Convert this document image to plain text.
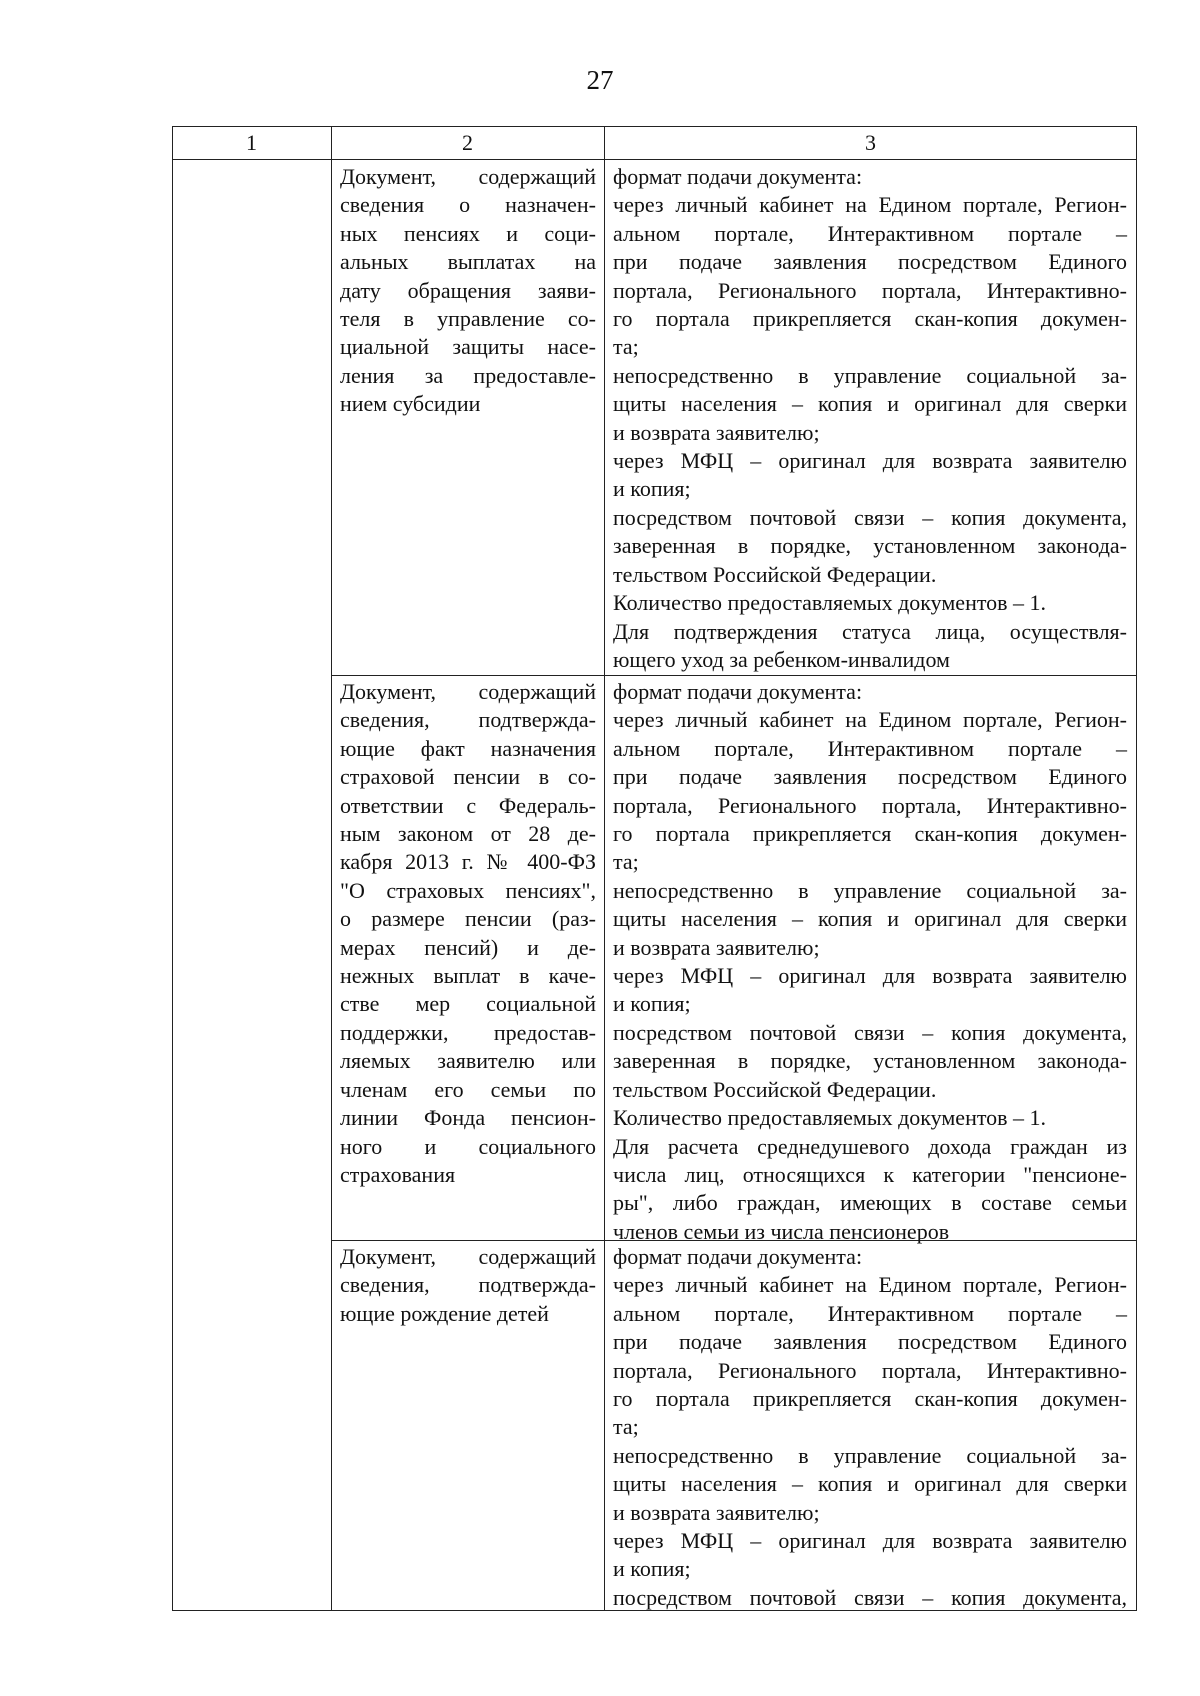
27
1	2	3
Документ, содержащий
сведения о назначен-
ных пенсиях и соци-
альных выплатах на
дату обращения заяви-
теля в управление со-
циальной защиты насе-
ления за предоставле-
нием субсидии
формат подачи документа:
через личный кабинет на Едином портале, Регион-
альном портале, Интерактивном портале –
при подаче заявления посредством Единого
портала, Регионального портала, Интерактивно-
го портала прикрепляется скан-копия докумен-
та;
непосредственно в управление социальной за-
щиты населения – копия и оригинал для сверки
и возврата заявителю;
через МФЦ – оригинал для возврата заявителю
и копия;
посредством почтовой связи – копия документа,
заверенная в порядке, установленном законода-
тельством Российской Федерации.
Количество предоставляемых документов – 1.
Для подтверждения статуса лица, осуществля-
ющего уход за ребенком-инвалидом
Документ, содержащий
сведения, подтвержда-
ющие факт назначения
страховой пенсии в со-
ответствии с Федераль-
ным законом от 28 де-
кабря 2013 г. № 400-ФЗ
"О страховых пенсиях",
о размере пенсии (раз-
мерах пенсий) и де-
нежных выплат в каче-
стве мер социальной
поддержки, предостав-
ляемых заявителю или
членам его семьи по
линии Фонда пенсион-
ного и социального
страхования
формат подачи документа:
через личный кабинет на Едином портале, Регион-
альном портале, Интерактивном портале –
при подаче заявления посредством Единого
портала, Регионального портала, Интерактивно-
го портала прикрепляется скан-копия докумен-
та;
непосредственно в управление социальной за-
щиты населения – копия и оригинал для сверки
и возврата заявителю;
через МФЦ – оригинал для возврата заявителю
и копия;
посредством почтовой связи – копия документа,
заверенная в порядке, установленном законода-
тельством Российской Федерации.
Количество предоставляемых документов – 1.
Для расчета среднедушевого дохода граждан из
числа лиц, относящихся к категории "пенсионе-
ры", либо граждан, имеющих в составе семьи
членов семьи из числа пенсионеров
Документ, содержащий
сведения, подтвержда-
ющие рождение детей
формат подачи документа:
через личный кабинет на Едином портале, Регион-
альном портале, Интерактивном портале –
при подаче заявления посредством Единого
портала, Регионального портала, Интерактивно-
го портала прикрепляется скан-копия докумен-
та;
непосредственно в управление социальной за-
щиты населения – копия и оригинал для сверки
и возврата заявителю;
через МФЦ – оригинал для возврата заявителю
и копия;
посредством почтовой связи – копия документа,
